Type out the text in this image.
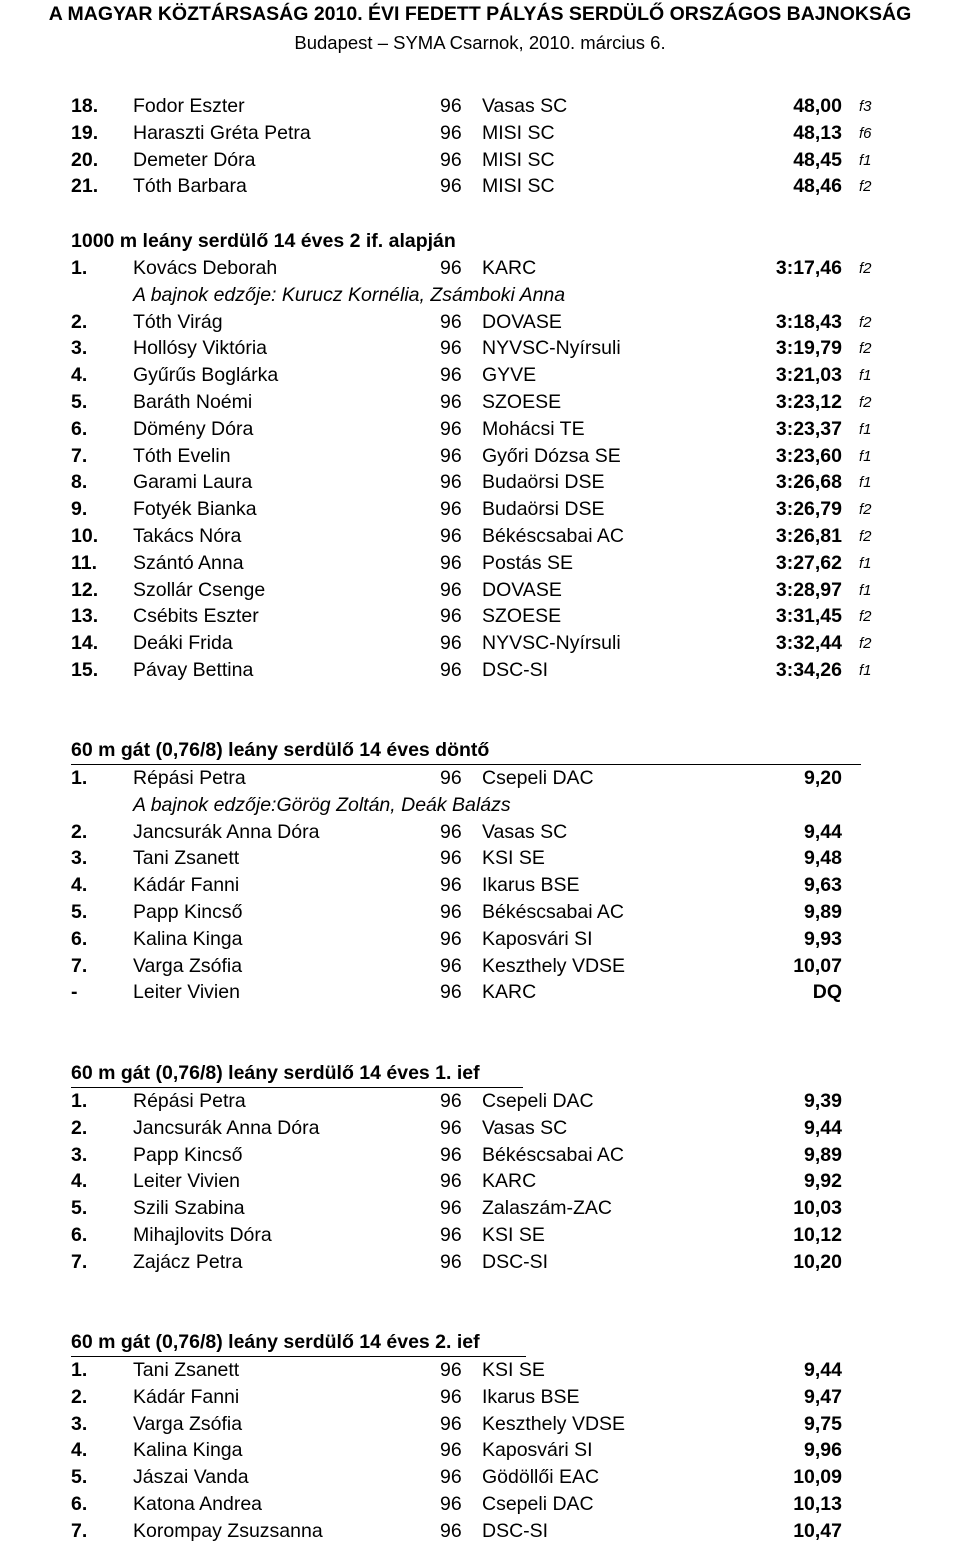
A MAGYAR KÖZTÁRSASÁG 2010. ÉVI FEDETT PÁLYÁS SERDÜLŐ ORSZÁGOS BAJNOKSÁG
Budapest – SYMA Csarnok, 2010. március 6.
18. Fodor Eszter	96 Vasas SC	48,00 f3
19. Haraszti Gréta Petra	96 MISI SC	48,13 f6
20. Demeter Dóra	96 MISI SC	48,45 f1
21. Tóth Barbara	96 MISI SC	48,46 f2
1000 m leány serdülő 14 éves 2 if. alapján
1. Kovács Deborah	96 KARC	3:17,46 f2
A bajnok edzője: Kurucz Kornélia, Zsámboki Anna
2. Tóth Virág	96 DOVASE	3:18,43 f2
3. Hollósy Viktória	96 NYVSC-Nyírsuli	3:19,79 f2
4. Gyűrűs Boglárka	96 GYVE	3:21,03 f1
5. Baráth Noémi	96 SZOESE	3:23,12 f2
6. Dömény Dóra	96 Mohácsi TE	3:23,37 f1
7. Tóth Evelin	96 Győri Dózsa SE	3:23,60 f1
8. Garami Laura	96 Budaörsi DSE	3:26,68 f1
9. Fotyék Bianka	96 Budaörsi DSE	3:26,79 f2
10. Takács Nóra	96 Békéscsabai AC	3:26,81 f2
11. Szántó Anna	96 Postás SE	3:27,62 f1
12. Szollár Csenge	96 DOVASE	3:28,97 f1
13. Csébits Eszter	96 SZOESE	3:31,45 f2
14. Deáki Frida	96 NYVSC-Nyírsuli	3:32,44 f2
15. Pávay Bettina	96 DSC-SI	3:34,26 f1
60 m gát (0,76/8) leány serdülő 14 éves döntő
1. Répási Petra	96 Csepeli DAC	9,20
A bajnok edzője:Görög Zoltán, Deák Balázs
2. Jancsurák Anna Dóra	96 Vasas SC	9,44
3. Tani Zsanett	96 KSI SE	9,48
4. Kádár Fanni	96 Ikarus BSE	9,63
5. Papp Kincső	96 Békéscsabai AC	9,89
6. Kalina Kinga	96 Kaposvári SI	9,93
7. Varga Zsófia	96 Keszthely VDSE	10,07
-	Leiter Vivien	96 KARC	DQ
60 m gát (0,76/8) leány serdülő 14 éves 1. ief
1. Répási Petra	96 Csepeli DAC	9,39
2. Jancsurák Anna Dóra	96 Vasas SC	9,44
3. Papp Kincső	96 Békéscsabai AC	9,89
4. Leiter Vivien	96 KARC	9,92
5. Szili Szabina	96 Zalaszám-ZAC	10,03
6. Mihajlovits Dóra	96 KSI SE	10,12
7. Zajácz Petra	96 DSC-SI	10,20
60 m gát (0,76/8) leány serdülő 14 éves 2. ief
1. Tani Zsanett	96 KSI SE	9,44
2. Kádár Fanni	96 Ikarus BSE	9,47
3. Varga Zsófia	96 Keszthely VDSE	9,75
4. Kalina Kinga	96 Kaposvári SI	9,96
5. Jászai Vanda	96 Gödöllői EAC	10,09
6. Katona Andrea	96 Csepeli DAC	10,13
7. Korompay Zsuzsanna	96 DSC-SI	10,47
